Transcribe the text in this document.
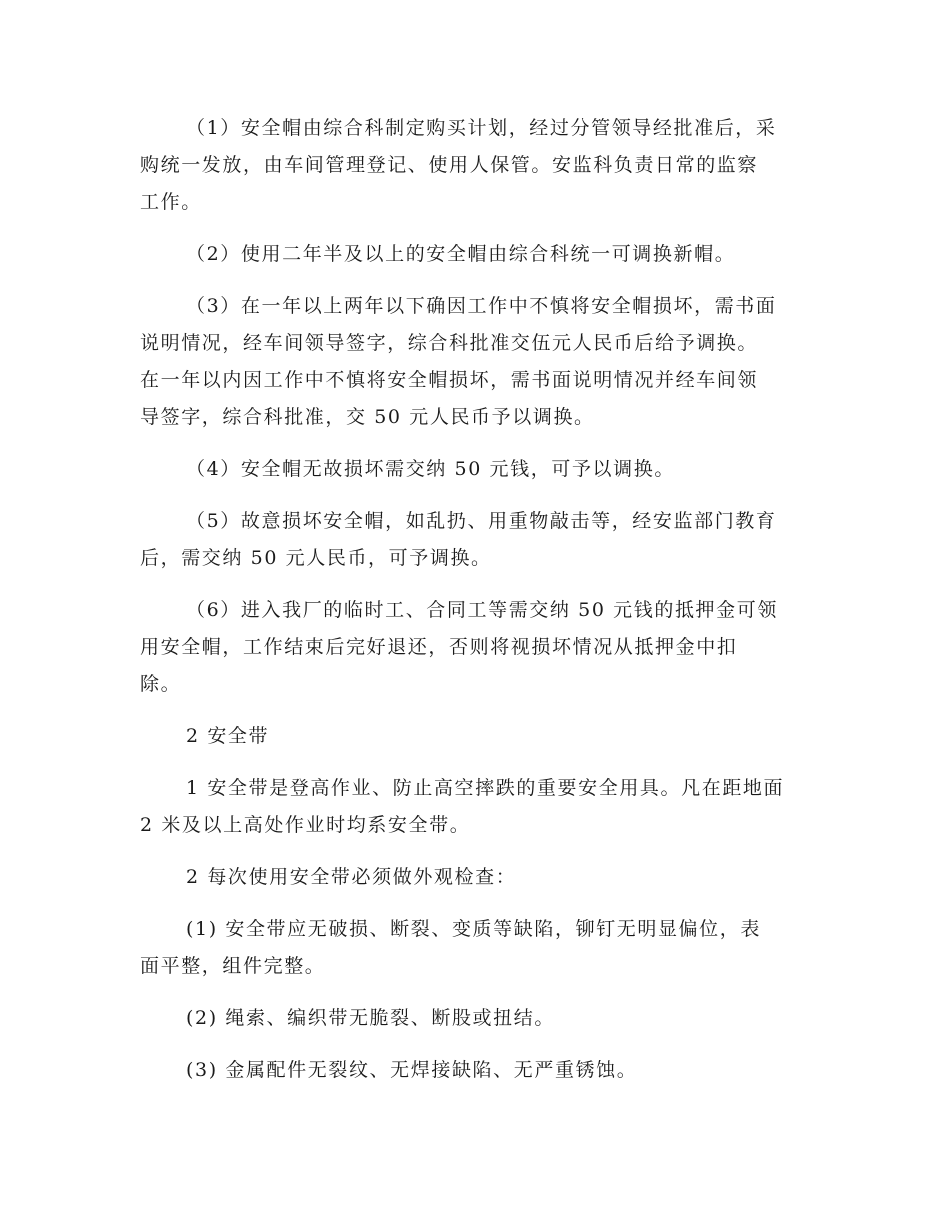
（1）安全帽由综合科制定购买计划，经过分管领导经批准后，采
购统一发放，由车间管理登记、使用人保管。安监科负责日常的监察
工作。

（2）使用二年半及以上的安全帽由综合科统一可调换新帽。

（3）在一年以上两年以下确因工作中不慎将安全帽损坏，需书面
说明情况，经车间领导签字，综合科批准交伍元人民币后给予调换。
在一年以内因工作中不慎将安全帽损坏，需书面说明情况并经车间领
导签字，综合科批准，交 50 元人民币予以调换。

（4）安全帽无故损坏需交纳 50 元钱，可予以调换。

（5）故意损坏安全帽，如乱扔、用重物敲击等，经安监部门教育
后，需交纳 50 元人民币，可予调换。

（6）进入我厂的临时工、合同工等需交纳 50 元钱的抵押金可领
用安全帽，工作结束后完好退还，否则将视损坏情况从抵押金中扣
除。

2 安全带

1 安全带是登高作业、防止高空摔跌的重要安全用具。凡在距地面
2 米及以上高处作业时均系安全带。

2 每次使用安全带必须做外观检查：

(1) 安全带应无破损、断裂、变质等缺陷，铆钉无明显偏位，表
面平整，组件完整。

(2) 绳索、编织带无脆裂、断股或扭结。

(3) 金属配件无裂纹、无焊接缺陷、无严重锈蚀。
